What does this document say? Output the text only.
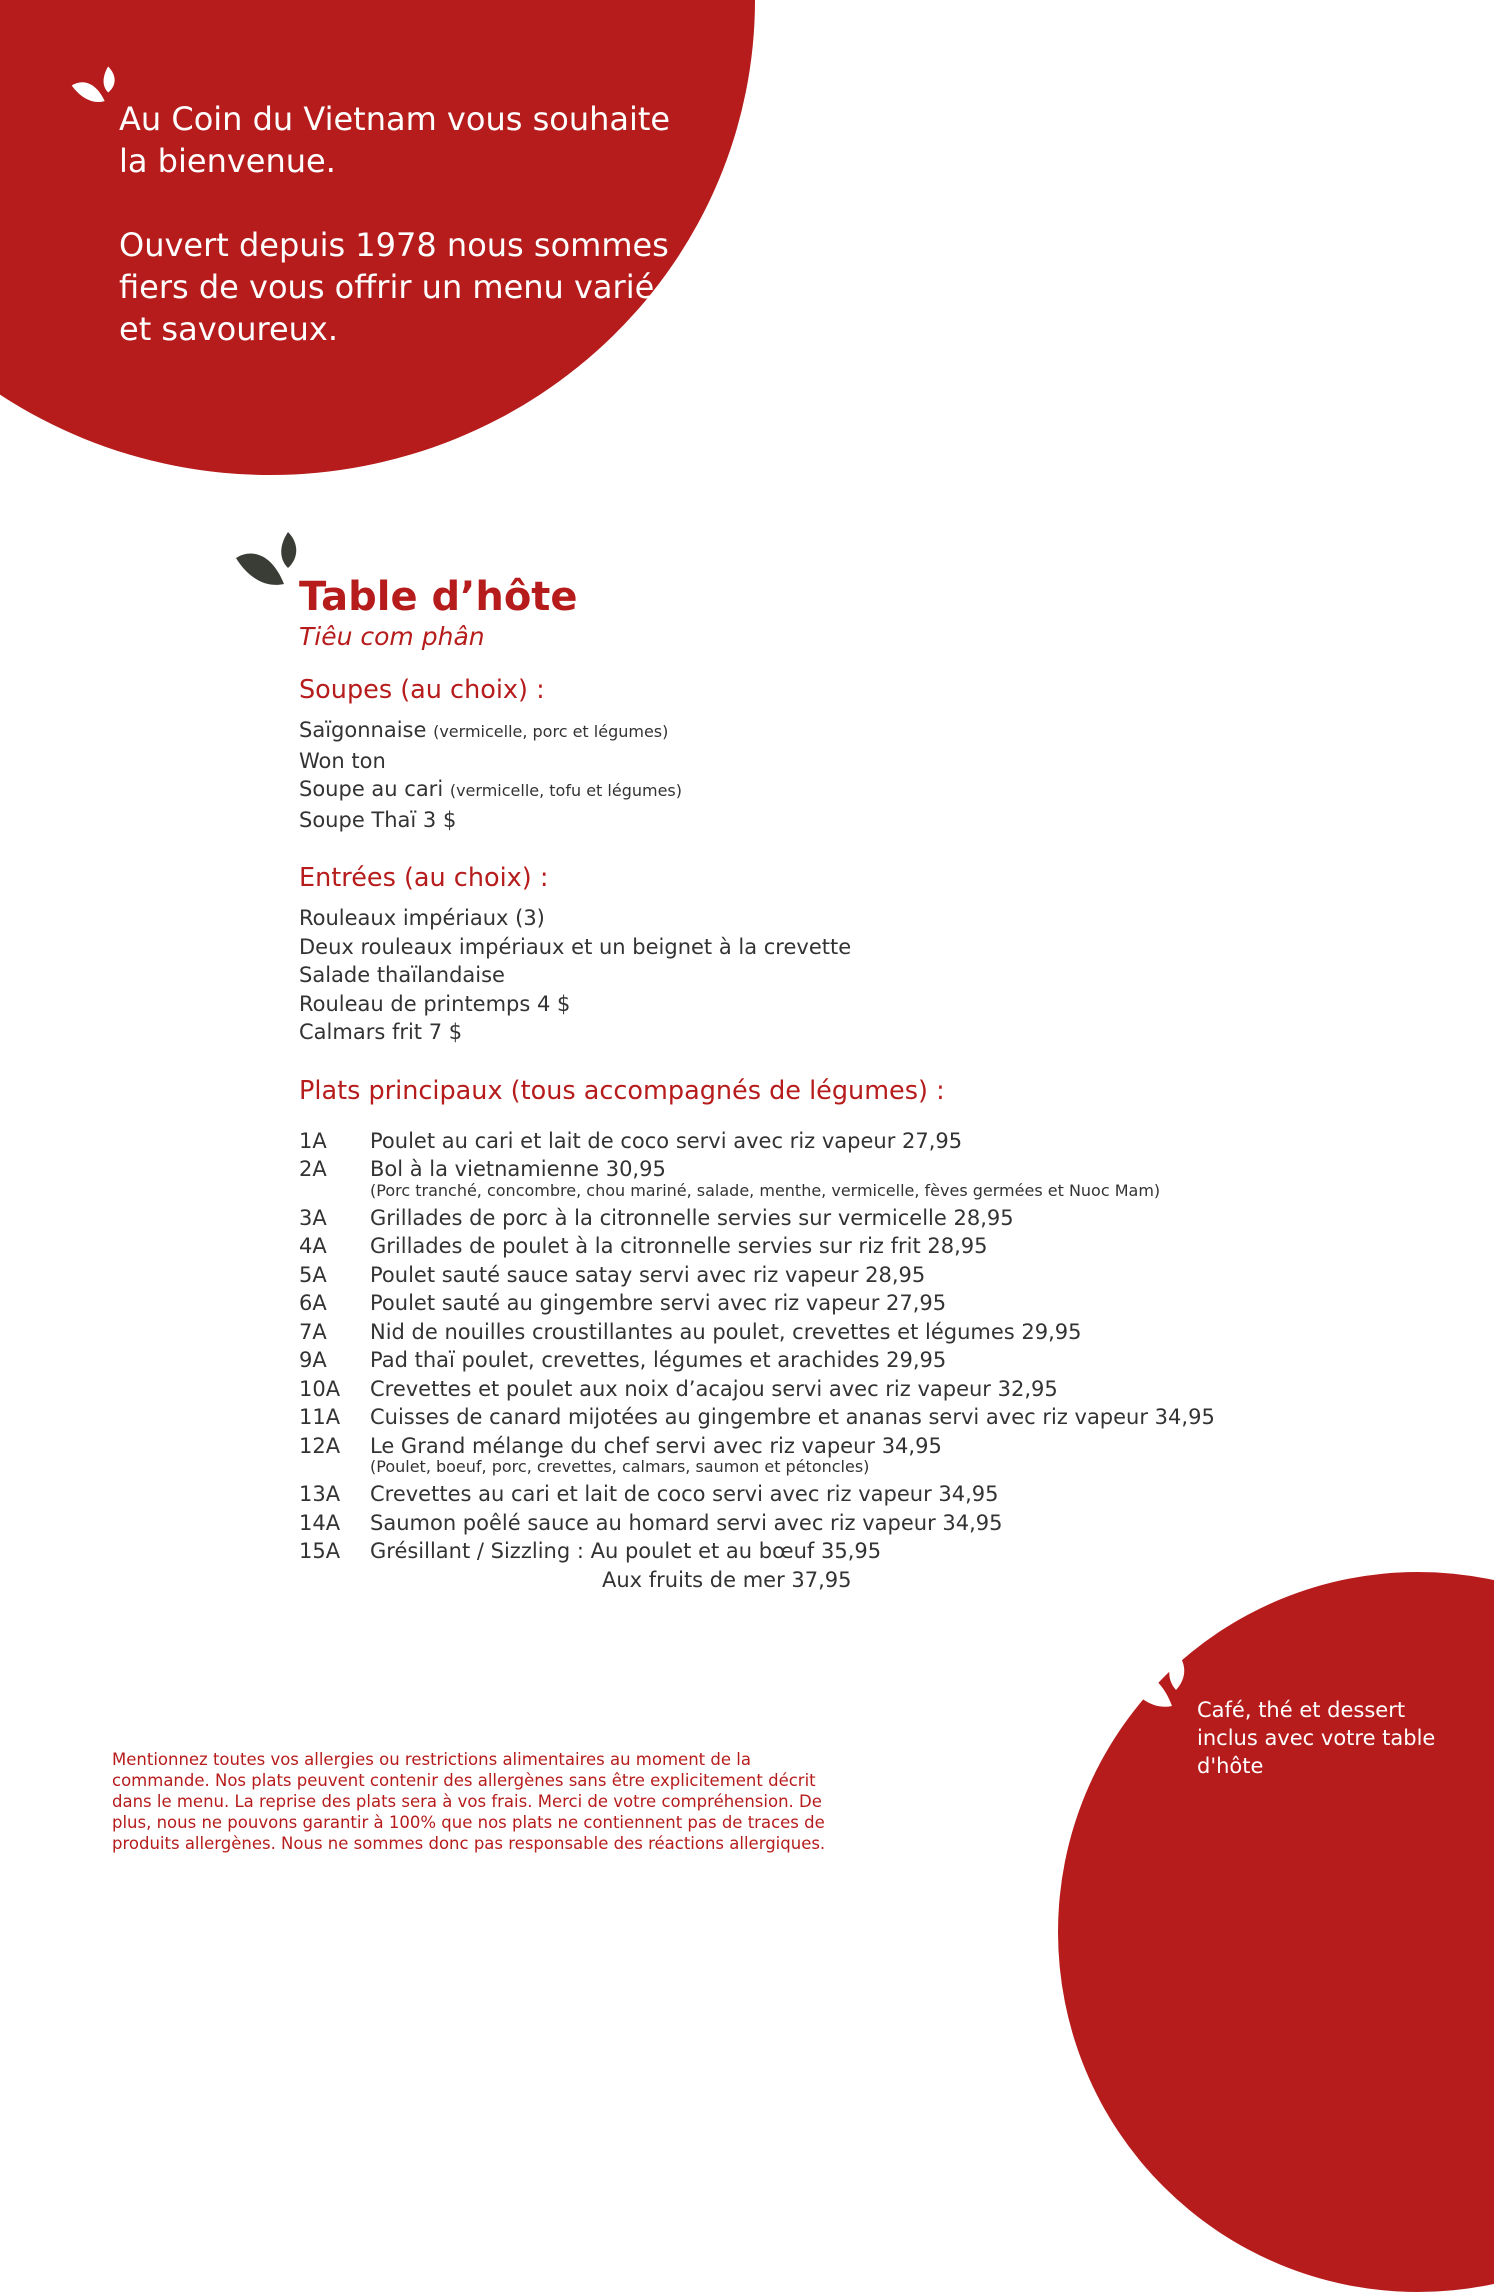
Au Coin du Vietnam vous souhaite la bienvenue.

Ouvert depuis 1978 nous sommes fiers de vous offrir un menu varié et savoureux.

Table d’hôte
Tiêu com phân
Soupes (au choix) :
Saïgonnaise (vermicelle, porc et légumes)
Won ton
Soupe au cari (vermicelle, tofu et légumes)
Soupe Thaï 3 $
Entrées (au choix) :
Rouleaux impériaux (3)
Deux rouleaux impériaux et un beignet à la crevette
Salade thaïlandaise
Rouleau de printemps 4 $
Calmars frit 7 $
Plats principaux (tous accompagnés de légumes) :
1A	Poulet au cari et lait de coco servi avec riz vapeur 27,95
2A	Bol à la vietnamienne 30,95
(Porc tranché, concombre, chou mariné, salade, menthe, vermicelle, fèves germées et Nuoc Mam)
3A	Grillades de porc à la citronnelle servies sur vermicelle 28,95
4A	Grillades de poulet à la citronnelle servies sur riz frit 28,95
5A	Poulet sauté sauce satay servi avec riz vapeur 28,95
6A	Poulet sauté au gingembre servi avec riz vapeur 27,95
7A	Nid de nouilles croustillantes au poulet, crevettes et légumes 29,95
9A	Pad thaï poulet, crevettes, légumes et arachides 29,95
10A	Crevettes et poulet aux noix d’acajou servi avec riz vapeur 32,95
11A	Cuisses de canard mijotées au gingembre et ananas servi avec riz vapeur 34,95
12A	Le Grand mélange du chef servi avec riz vapeur 34,95
(Poulet, boeuf, porc, crevettes, calmars, saumon et pétoncles)
13A	Crevettes au cari et lait de coco servi avec riz vapeur 34,95
14A	Saumon poêlé sauce au homard servi avec riz vapeur 34,95
15A	Grésillant / Sizzling : Au poulet et au bœuf 35,95
Aux fruits de mer 37,95
Mentionnez toutes vos allergies ou restrictions alimentaires au moment de la commande. Nos plats peuvent contenir des allergènes sans être explicitement décrit dans le menu. La reprise des plats sera à vos frais. Merci de votre compréhension. De plus, nous ne pouvons garantir à 100% que nos plats ne contiennent pas de traces de produits allergènes. Nous ne sommes donc pas responsable des réactions allergiques.
Café, thé et dessert inclus avec votre table d'hôte
